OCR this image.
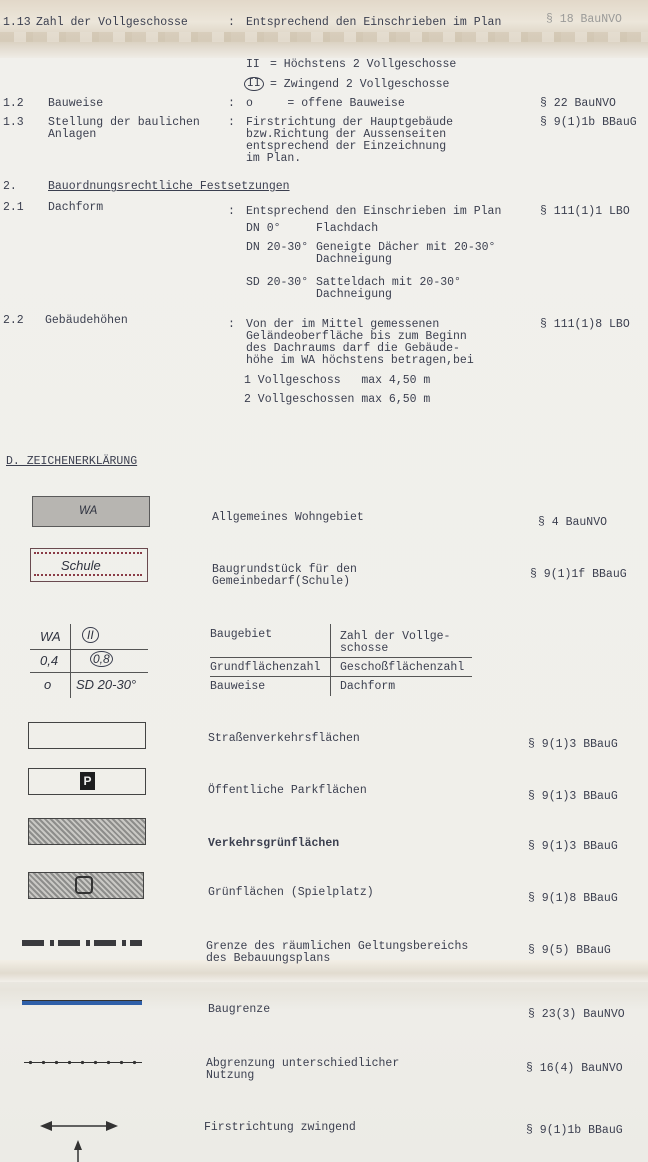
1.13 Zahl der Vollgeschosse	: Entsprechend den Einschrieben im Plan	§ 18 BauNVO
II = Höchstens 2 Vollgeschosse
II = Zwingend 2 Vollgeschosse
1.2 Bauweise	: o     = offene Bauweise	§ 22 BauNVO
1.3 Stellung der baulichen
Anlagen
: Firstrichtung der Hauptgebäude
bzw.Richtung der Aussenseiten
entsprechend der Einzeichnung
im Plan.
§ 9(1)1b BBauG
2.	Bauordnungsrechtliche Festsetzungen
2.1 Dachform	: Entsprechend den Einschrieben im Plan	§ 111(1)1 LBO
DN 0°	Flachdach
DN 20-30° Geneigte Dächer mit 20-30°
Dachneigung
SD 20-30° Satteldach mit 20-30°
Dachneigung
2.2 Gebäudehöhen	: Von der im Mittel gemessenen
Geländeoberfläche bis zum Beginn
des Dachraums darf die Gebäude-
höhe im WA höchstens betragen,bei
§ 111(1)8 LBO
1 Vollgeschoss   max 4,50 m
2 Vollgeschossen max 6,50 m
D. ZEICHENERKLÄRUNG
WA	Allgemeines Wohngebiet	§ 4 BauNVO
Schule	Baugrundstück für den
Gemeinbedarf(Schule)
§ 9(1)1f BBauG
WA	II
0,4	0,8
o SD 20-30°
Baugebiet	Zahl der Vollge-
schosse
Grundflächenzahl Geschoßflächenzahl
Bauweise	Dachform
Straßenverkehrsflächen	§ 9(1)3 BBauG
P
Öffentliche Parkflächen	§ 9(1)3 BBauG
Verkehrsgrünflächen	§ 9(1)3 BBauG
Grünflächen (Spielplatz)	§ 9(1)8 BBauG
Grenze des räumlichen Geltungsbereichs
des Bebauungsplans
§ 9(5) BBauG
Baugrenze	§ 23(3) BauNVO
Abgrenzung unterschiedlicher
Nutzung
§ 16(4) BauNVO
Firstrichtung zwingend	§ 9(1)1b BBauG
